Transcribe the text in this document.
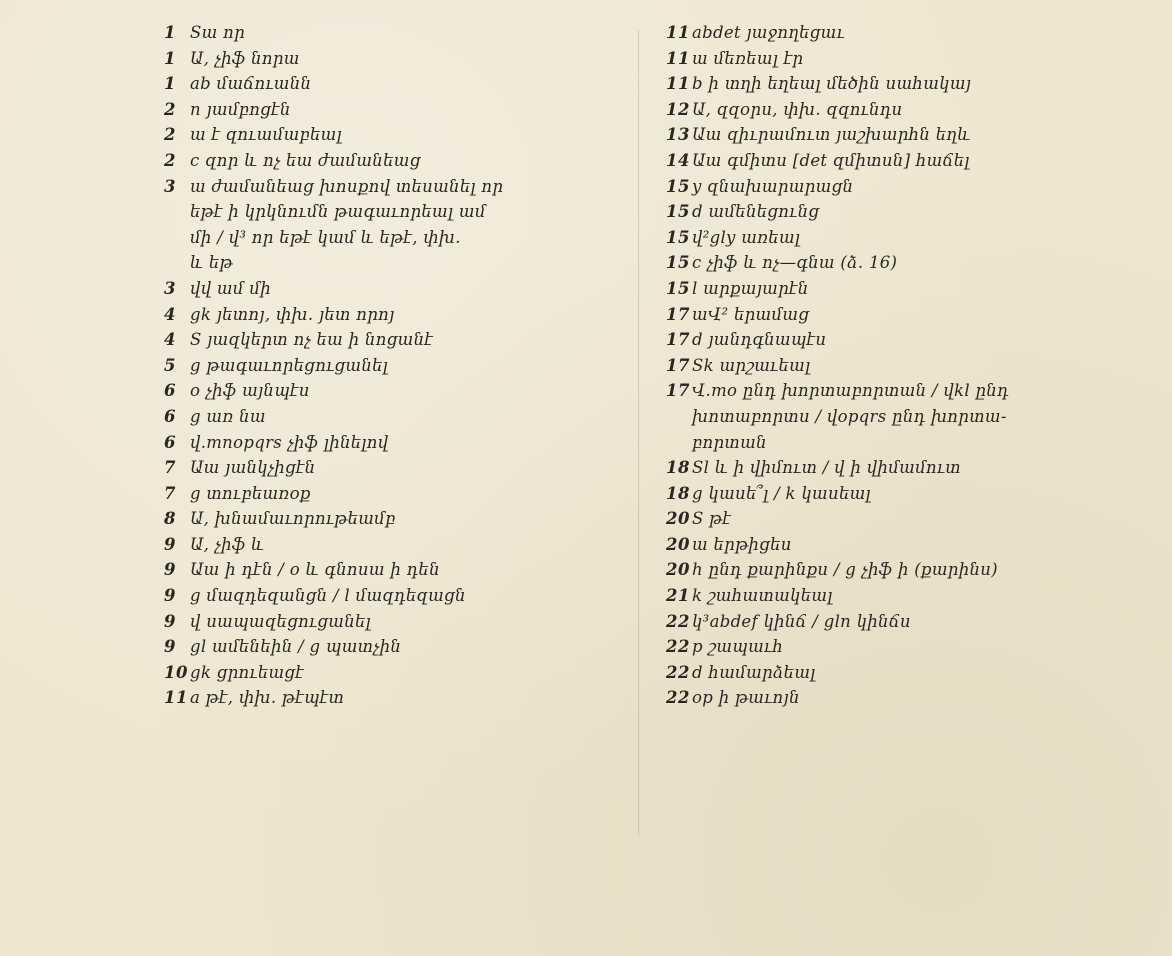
1 Sա որ
1 Ա, չիֆ նորա
1 ab մաճուանն
2 n յամբոցէն
2 ա է զուամաբեալ
2 c զոր և ոչ եա ժամանեաց
3 ա ժամանեաց խոսքով տեսանել որ
եթէ ի կրկնումն թագաւորեալ ամ
մի / վ³ որ եթէ կամ և եթէ, փխ.
և եթ
3 վվ ամ մի
4 gk յետոյ, փխ. յետ որոյ
4 S յազկերտ ոչ եա ի նոցանէ
5 g թագաւորեցուցանել
6 o չիֆ այնպէս
6 g առ նա
6 վ.mnopqrs չիֆ լինելով
7 Աա յանկչիցէն
7 g տուբեառօք
8 Ա, խնամաւորութեամբ
9 Ա, չիֆ և
9 Աա ի դէն / o և գնոսա ի դեն
9 g մազդեզանցն / l մազդեզացն
9 վ սապազեցուցանել
9 gl ամենեին / g պատչին
10 gk ցրուեացէ
11 a թէ, փխ. թէպէտ
11 abdet յաջողեցաւ
11 ա մեռեալ էր
11 b ի տղի եղեալ մեծին սահակայ
12 Ա, զզօրս, փխ. զզունդս
13 Աա զիւրամուտ յաշխարհն եղև
14 Աա գմիտս [det զմիտսն] հաճել
15 y զնախարարացն
15 d ամենեցունց
15 վ²gly առեալ
15 c չիֆ և ոչ—գնա (ձ. 16)
15 l արքայարէն
17 աՎ² երամաց
17 d յանդգնապէս
17 Sk արշաւեալ
17 Վ.mo ընդ խորտաբորտան / վkl ընդ
խոտաբորտս / վopqrs ընդ խորտա-
բորտան
18 Sl և ի վիմուտ / վ ի վիմամուտ
18 g կասե՞լ / k կասեալ
20 S թէ
20 ա երթիցես
20 h ընդ քարինքս / g չիֆ ի (քարինս)
21 k շահատակեալ
22 կ³abdef կինճ / gln կինճս
22 p շապաւհ
22 d համարձեալ
22 op ի թաւոյն
